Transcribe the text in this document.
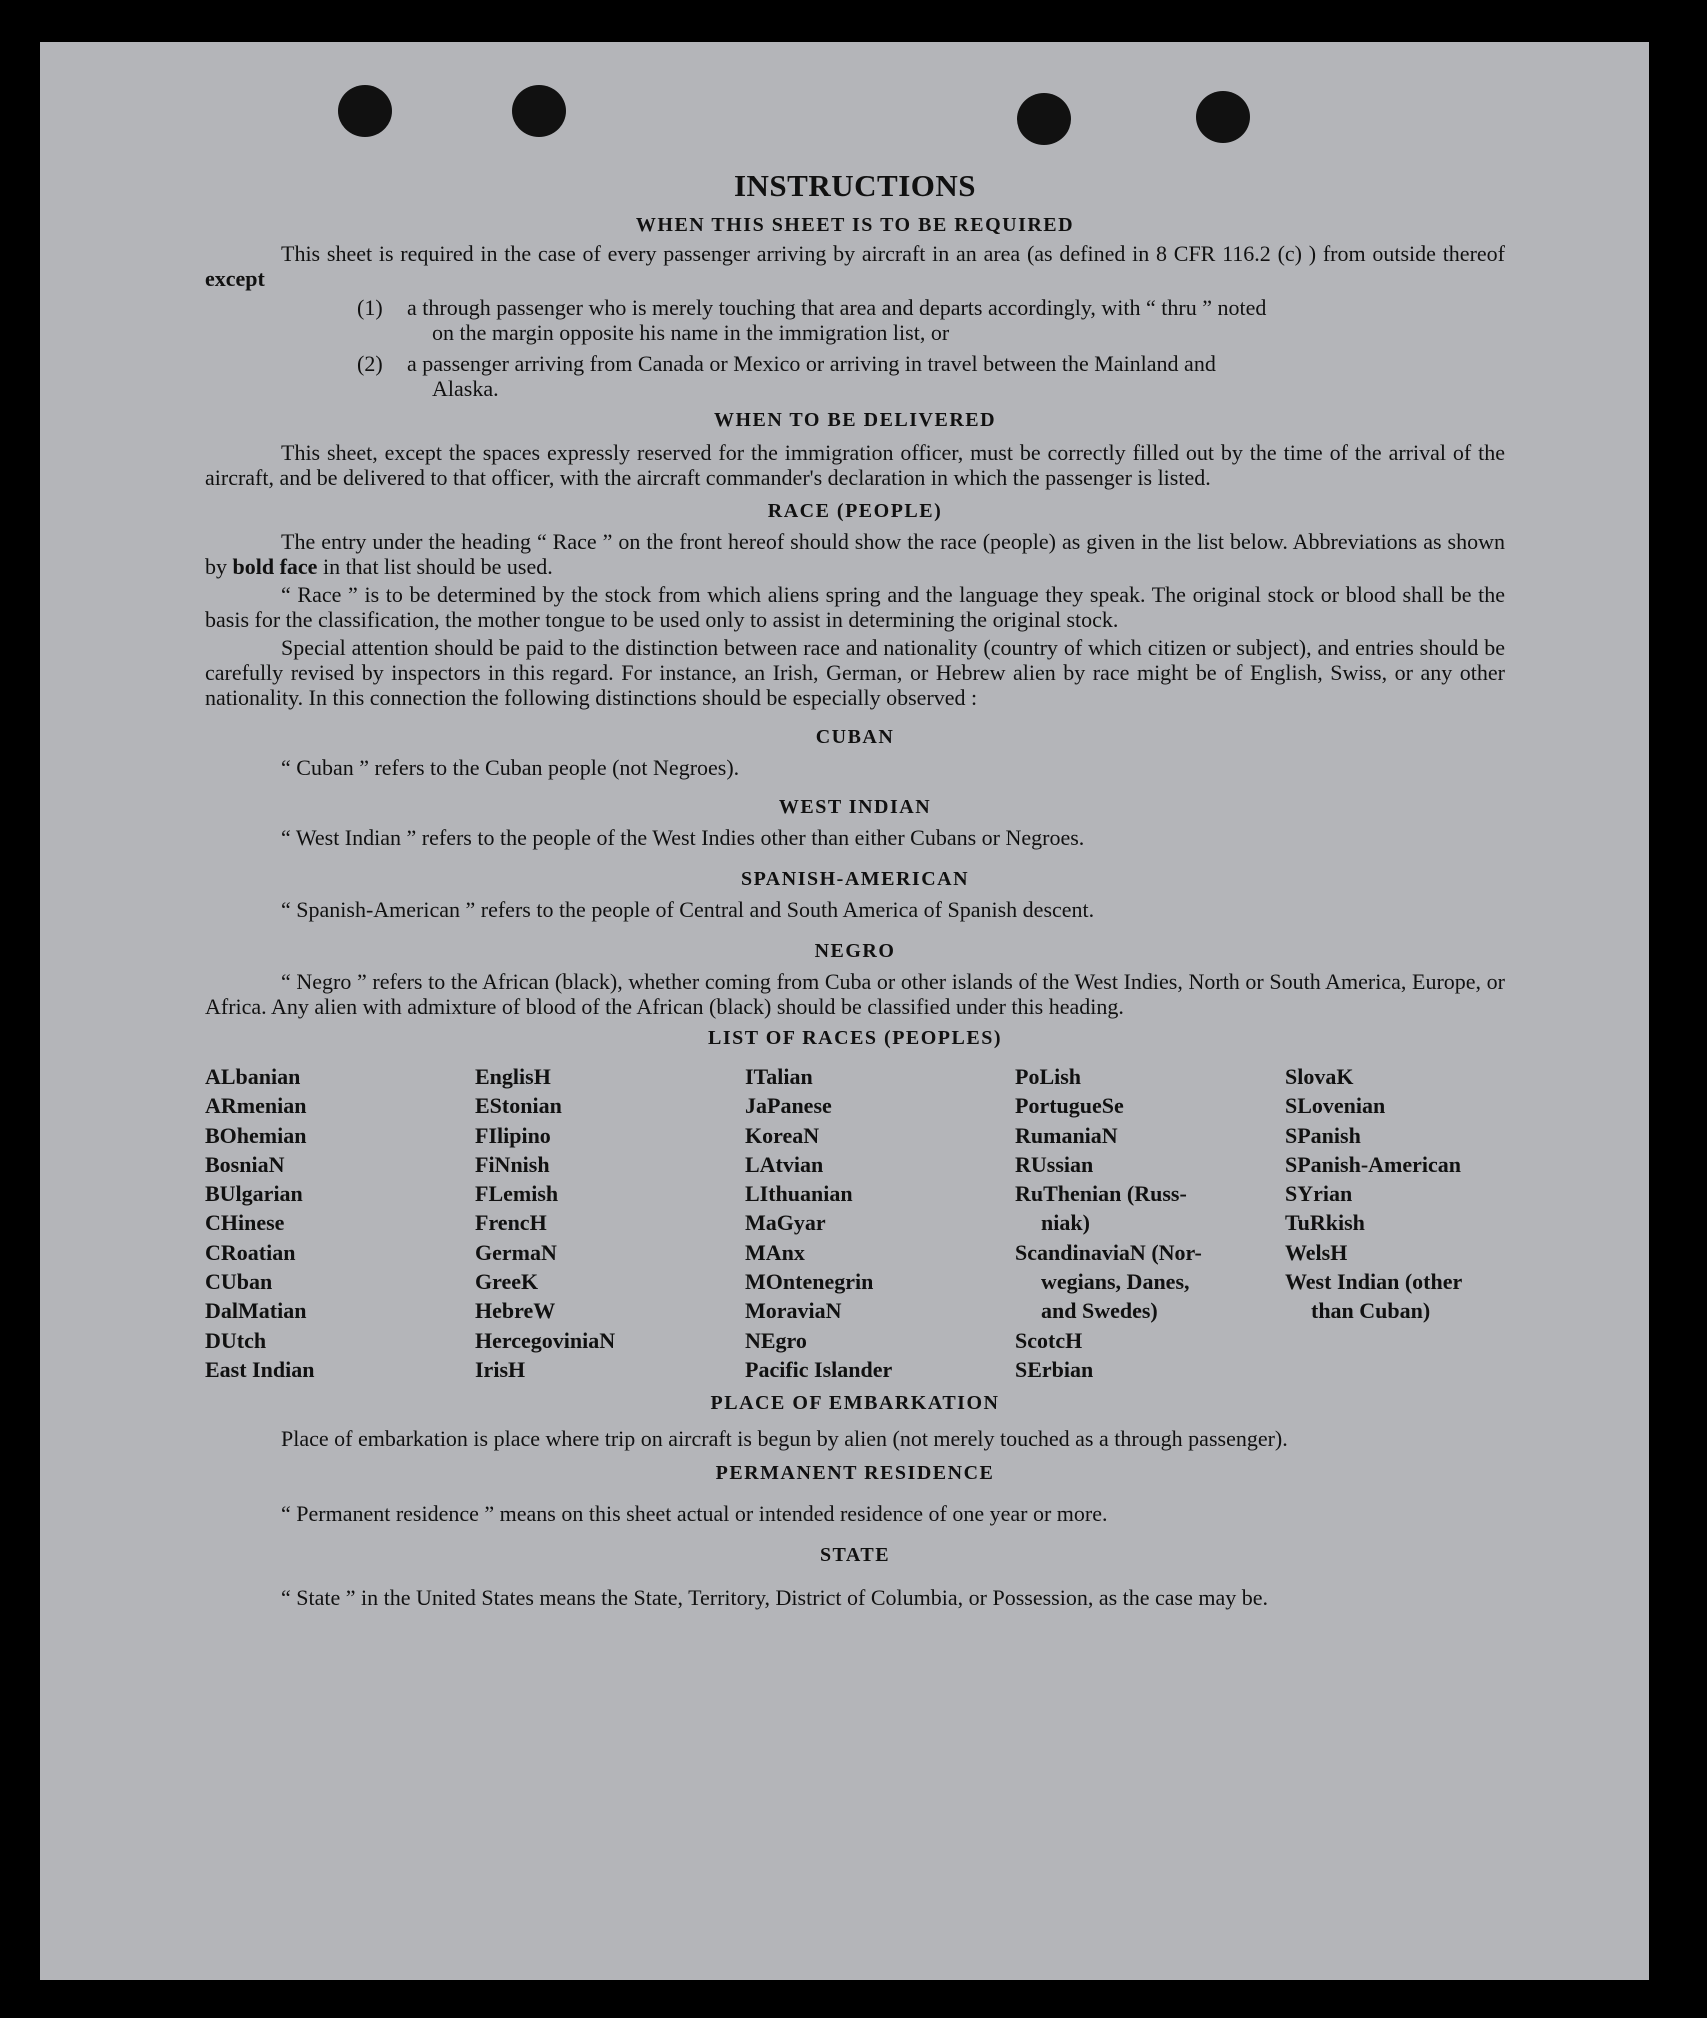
INSTRUCTIONS
WHEN THIS SHEET IS TO BE REQUIRED

This sheet is required in the case of every passenger arriving by aircraft in an area (as defined in 8 CFR 116.2 (c) ) from outside thereof except

(1)	a through passenger who is merely touching that area and departs accordingly, with “ thru ” noted
on the margin opposite his name in the immigration list, or
(2)	a passenger arriving from Canada or Mexico or arriving in travel between the Mainland and
Alaska.
WHEN TO BE DELIVERED

This sheet, except the spaces expressly reserved for the immigration officer, must be correctly filled out by the time of the arrival of the aircraft, and be delivered to that officer, with the aircraft commander's declaration in which the passenger is listed.

RACE (PEOPLE)

The entry under the heading “ Race ” on the front hereof should show the race (people) as given in the list below. Abbreviations as shown by bold face in that list should be used.

“ Race ” is to be determined by the stock from which aliens spring and the language they speak. The original stock or blood shall be the basis for the classification, the mother tongue to be used only to assist in determining the original stock.

Special attention should be paid to the distinction between race and nationality (country of which citizen or subject), and entries should be carefully revised by inspectors in this regard. For instance, an Irish, German, or Hebrew alien by race might be of English, Swiss, or any other nationality. In this connection the following distinctions should be especially observed :

CUBAN

“ Cuban ” refers to the Cuban people (not Negroes).

WEST INDIAN

“ West Indian ” refers to the people of the West Indies other than either Cubans or Negroes.

SPANISH-AMERICAN

“ Spanish-American ” refers to the people of Central and South America of Spanish descent.

NEGRO

“ Negro ” refers to the African (black), whether coming from Cuba or other islands of the West Indies, North or South America, Europe, or Africa. Any alien with admixture of blood of the African (black) should be classified under this heading.

LIST OF RACES (PEOPLES)
ALbanian
ARmenian
BOhemian
BosniaN
BUlgarian
CHinese
CRoatian
CUban
DalMatian
DUtch
East Indian
EnglisH
EStonian
FIlipino
FiNnish
FLemish
FrencH
GermaN
GreeK
HebreW
HercegoviniaN
IrisH
ITalian
JaPanese
KoreaN
LAtvian
LIthuanian
MaGyar
MAnx
MOntenegrin
MoraviaN
NEgro
Pacific Islander
PoLish
PortugueSe
RumaniaN
RUssian
RuThenian (Russ-
niak)
ScandinaviaN (Nor-
wegians, Danes,
and Swedes)
ScotcH
SErbian
SlovaK
SLovenian
SPanish
SPanish-American
SYrian
TuRkish
WelsH
West Indian (other
than Cuban)
PLACE OF EMBARKATION

Place of embarkation is place where trip on aircraft is begun by alien (not merely touched as a through passenger).

PERMANENT RESIDENCE

“ Permanent residence ” means on this sheet actual or intended residence of one year or more.

STATE

“ State ” in the United States means the State, Territory, District of Columbia, or Possession, as the case may be.
